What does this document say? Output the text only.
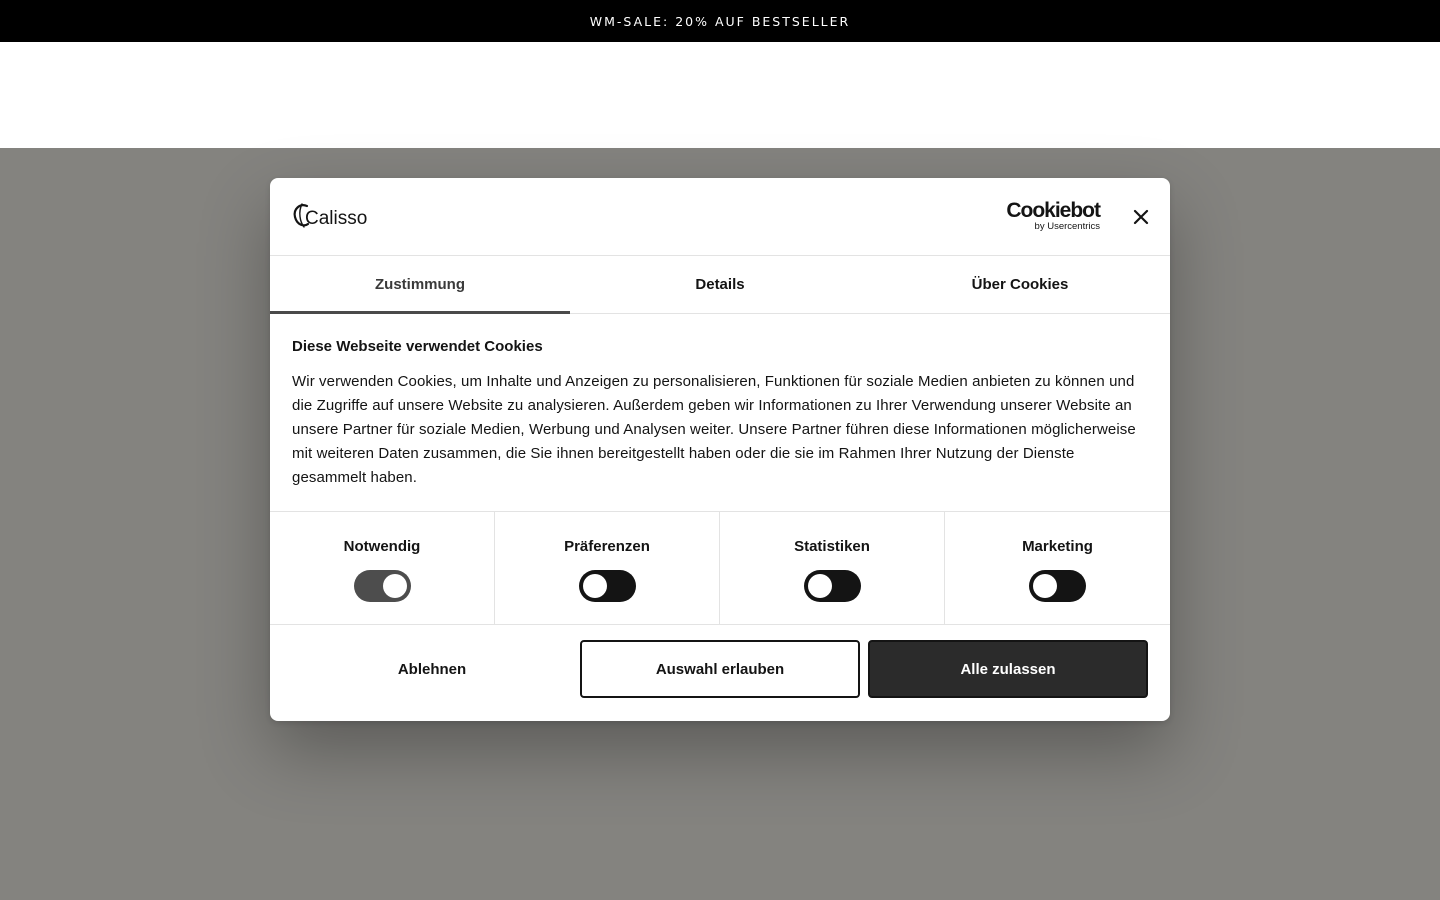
WM-SALE: 20% AUF BESTSELLER
Calisso	Cookiebot
by Usercentrics
Zustimmung	Details	Über Cookies
Diese Webseite verwendet Cookies

Wir verwenden Cookies, um Inhalte und Anzeigen zu personalisieren, Funktionen für soziale Medien anbieten zu können und die Zugriffe auf unsere Website zu analysieren. Außerdem geben wir Informationen zu Ihrer Verwendung unserer Website an unsere Partner für soziale Medien, Werbung und Analysen weiter. Unsere Partner führen diese Informationen möglicherweise mit weiteren Daten zusammen, die Sie ihnen bereitgestellt haben oder die sie im Rahmen Ihrer Nutzung der Dienste gesammelt haben.

Notwendig	Präferenzen	Statistiken	Marketing
Ablehnen	Auswahl erlauben	Alle zulassen
